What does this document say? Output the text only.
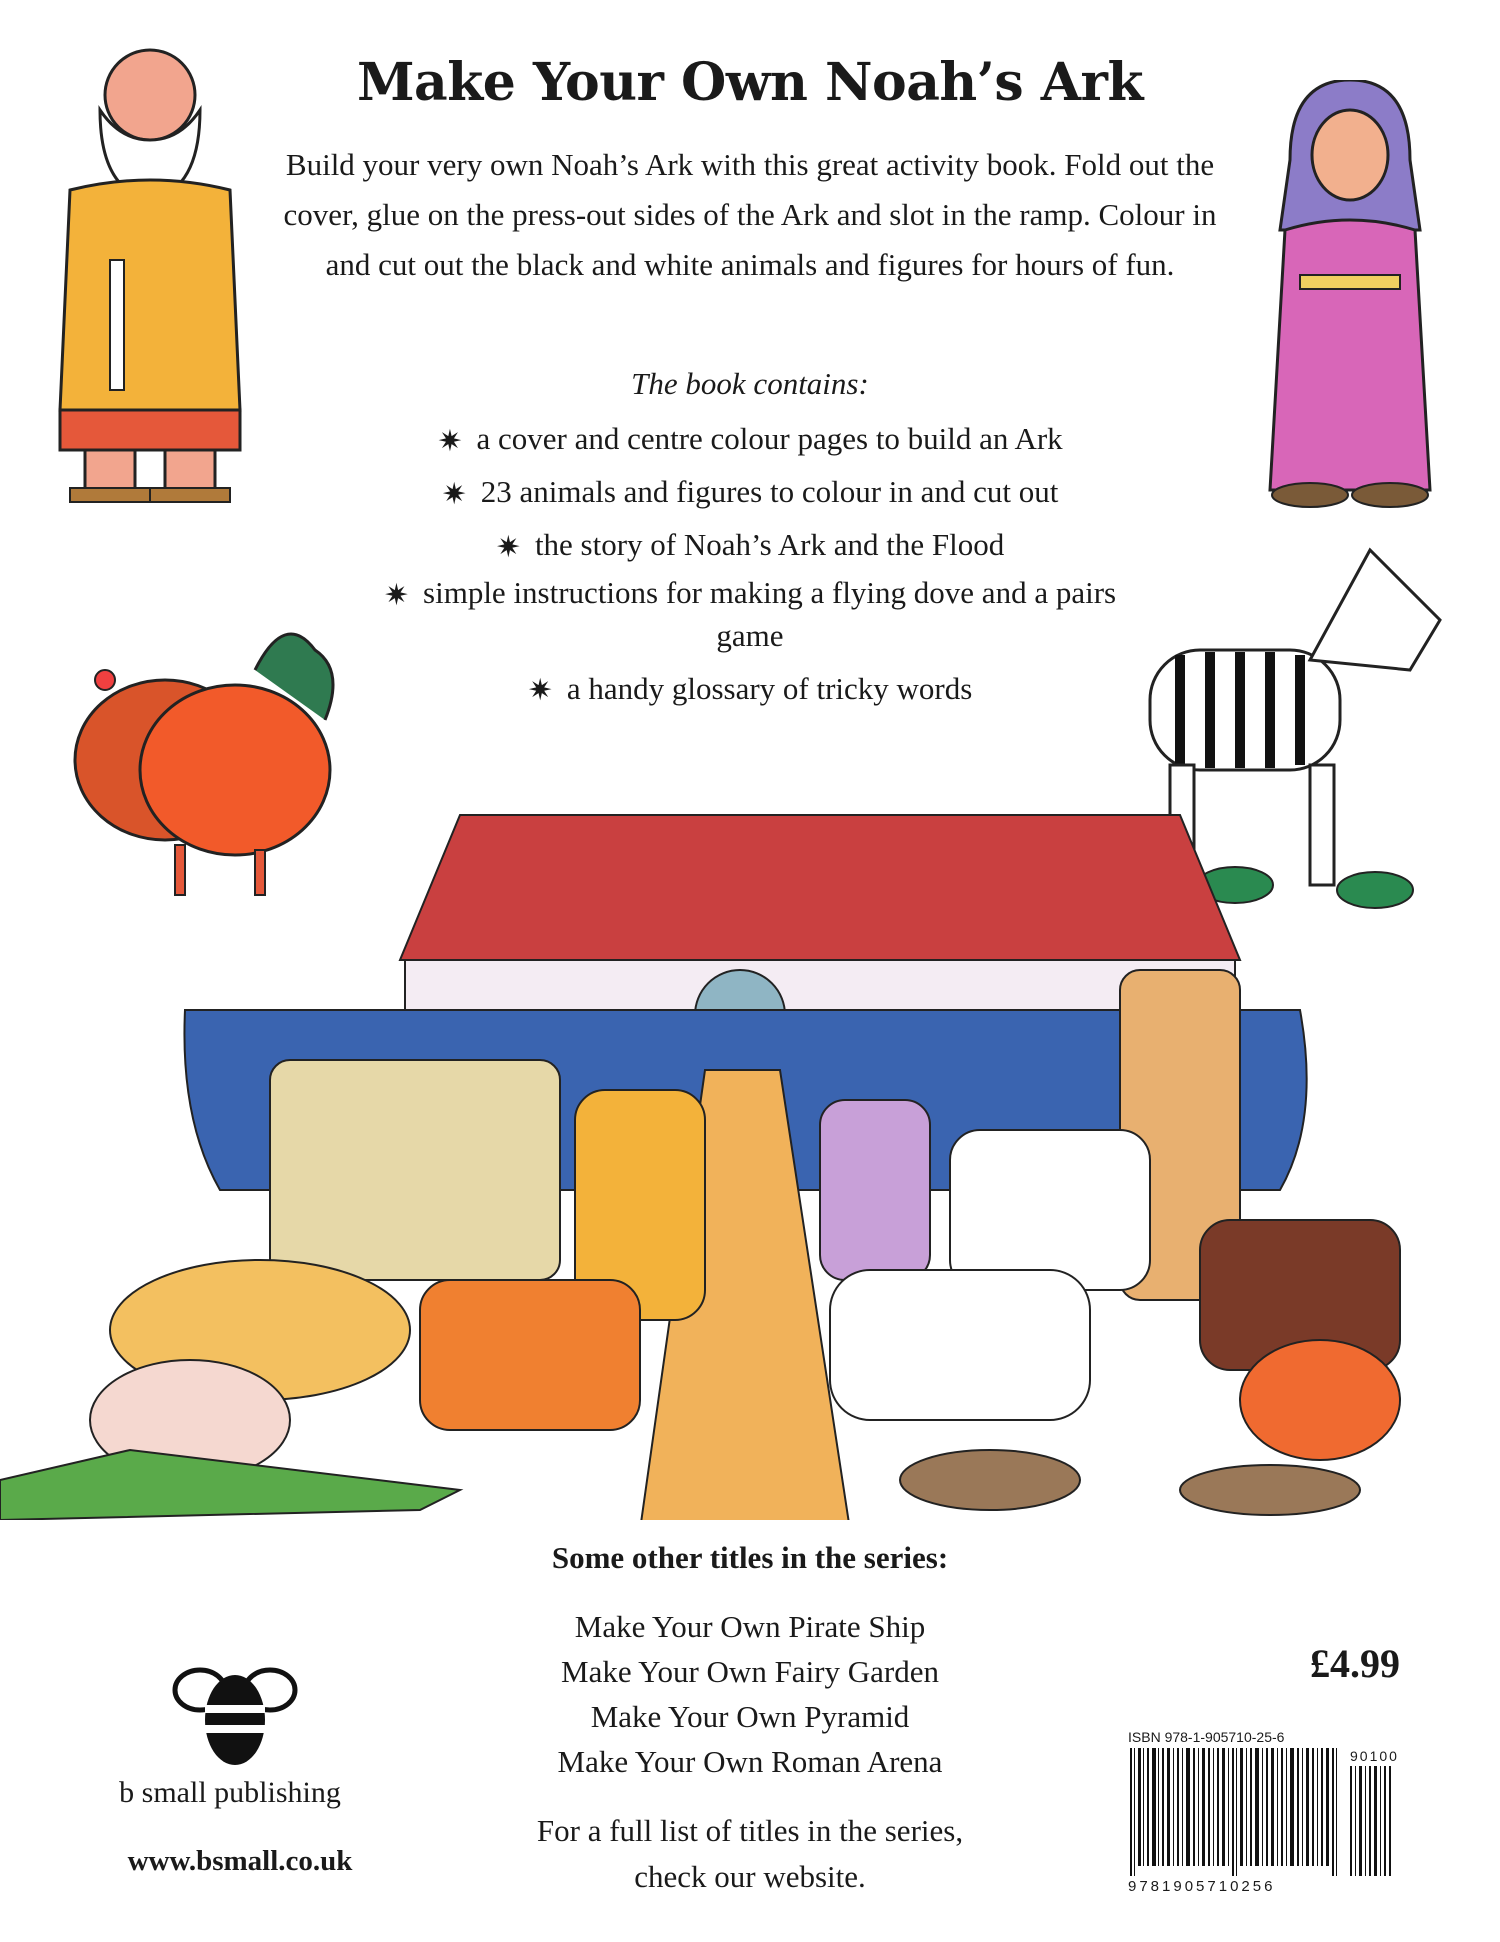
Make Your Own Noah’s Ark
Build your very own Noah’s Ark with this great activity book. Fold out the cover, glue on the press-out sides of the Ark and slot in the ramp. Colour in and cut out the black and white animals and figures for hours of fun.
The book contains:
✷ a cover and centre colour pages to build an Ark
✷ 23 animals and figures to colour in and cut out
✷ the story of Noah’s Ark and the Flood
✷ simple instructions for making a flying dove and a pairs game
✷ a handy glossary of tricky words
Some other titles in the series:
Make Your Own Pirate Ship
Make Your Own Fairy Garden
Make Your Own Pyramid
Make Your Own Roman Arena
For a full list of titles in the series,
check our website.
b small publishing
www.bsmall.co.uk
£4.99
ISBN 978-1-905710-25-6
90100
9781905710256
